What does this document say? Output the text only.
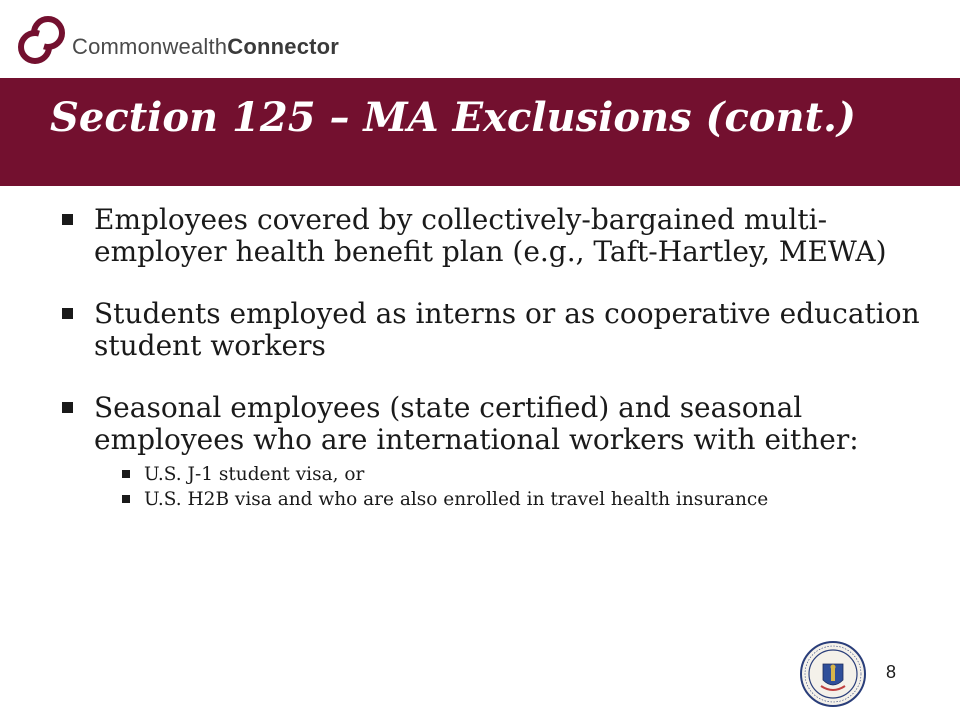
CommonwealthConnector
Section 125 – MA Exclusions (cont.)
Employees covered by collectively-bargained multi-employer health benefit plan (e.g., Taft-Hartley, MEWA)
Students employed as interns or as cooperative education student workers
Seasonal employees (state certified) and seasonal employees who are international workers with either:
U.S. J-1 student visa, or
U.S. H2B visa and who are also enrolled in travel health insurance
8
